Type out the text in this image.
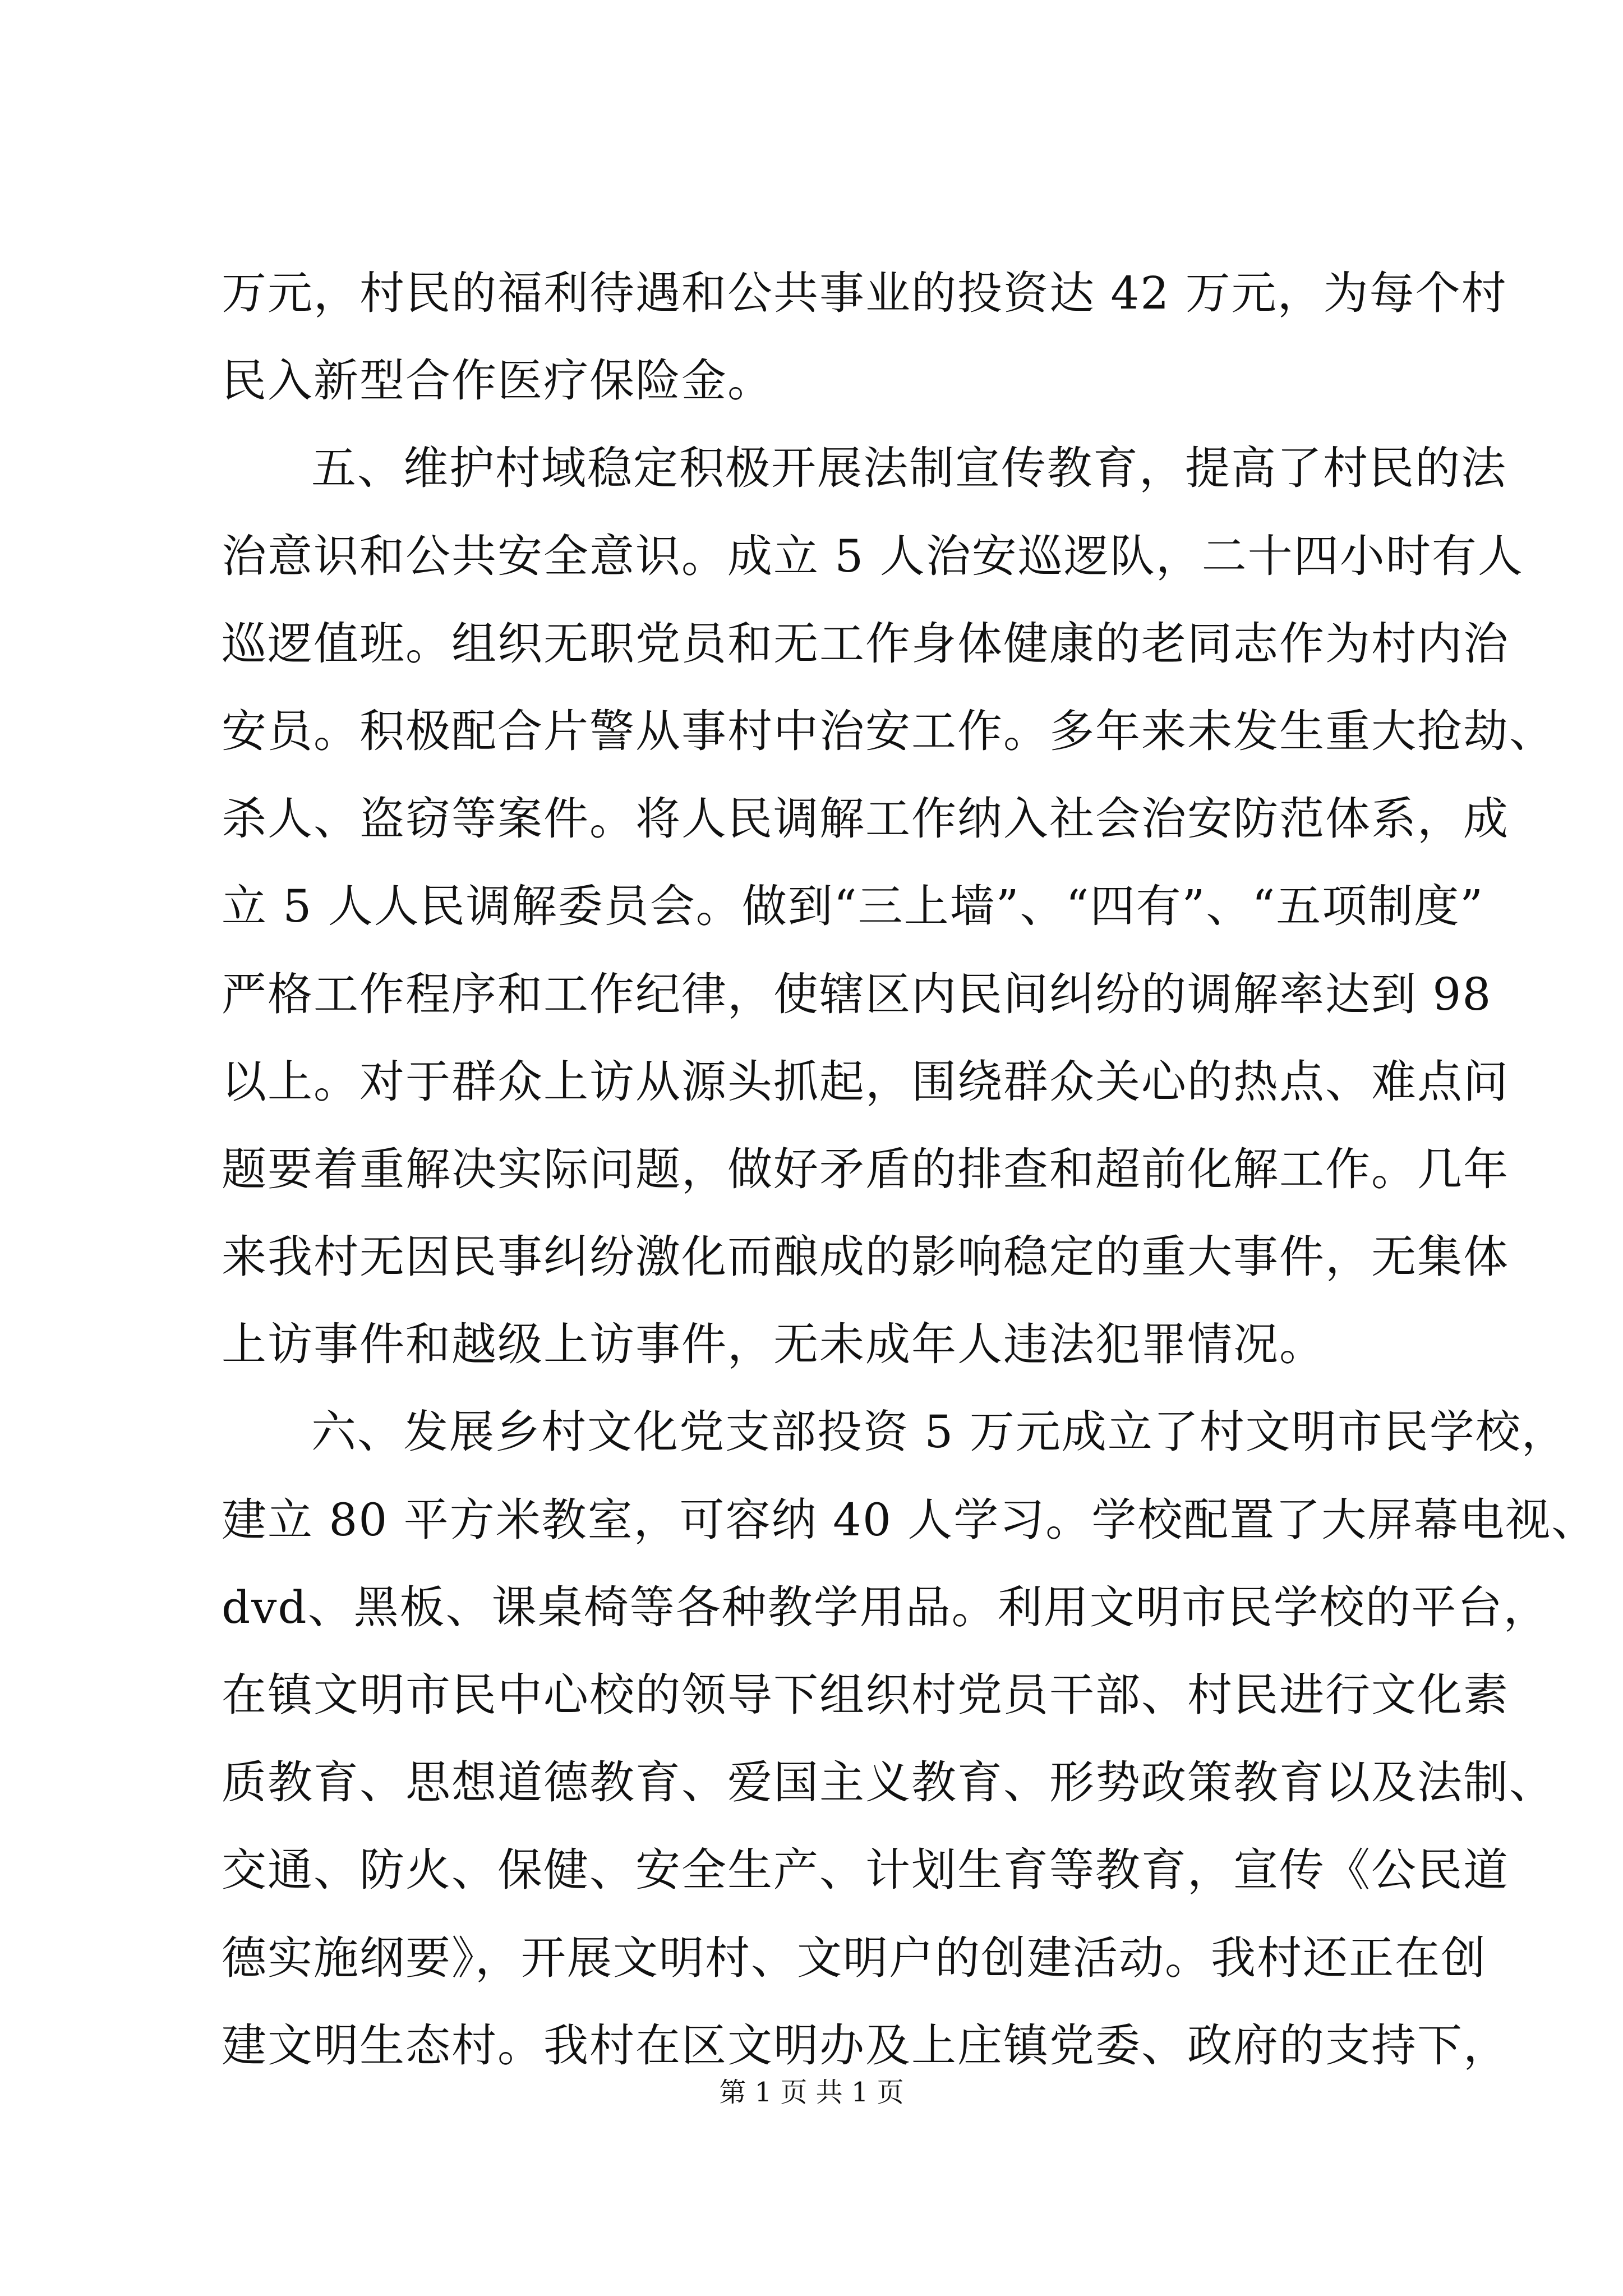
万元，村民的福利待遇和公共事业的投资达 42 万元，为每个村
民入新型合作医疗保险金。
五、维护村域稳定积极开展法制宣传教育，提高了村民的法
治意识和公共安全意识。成立 5 人治安巡逻队，二十四小时有人
巡逻值班。组织无职党员和无工作身体健康的老同志作为村内治
安员。积极配合片警从事村中治安工作。多年来未发生重大抢劫、
杀人、盗窃等案件。将人民调解工作纳入社会治安防范体系，成
立 5 人人民调解委员会。做到“三上墙”、“四有”、“五项制度”
严格工作程序和工作纪律，使辖区内民间纠纷的调解率达到 98
以上。对于群众上访从源头抓起，围绕群众关心的热点、难点问
题要着重解决实际问题，做好矛盾的排查和超前化解工作。几年
来我村无因民事纠纷激化而酿成的影响稳定的重大事件，无集体
上访事件和越级上访事件，无未成年人违法犯罪情况。
六、发展乡村文化党支部投资 5 万元成立了村文明市民学校，
建立 80 平方米教室，可容纳 40 人学习。学校配置了大屏幕电视、
dvd、黑板、课桌椅等各种教学用品。利用文明市民学校的平台，
在镇文明市民中心校的领导下组织村党员干部、村民进行文化素
质教育、思想道德教育、爱国主义教育、形势政策教育以及法制、
交通、防火、保健、安全生产、计划生育等教育，宣传《公民道
德实施纲要》，开展文明村、文明户的创建活动。我村还正在创
建文明生态村。我村在区文明办及上庄镇党委、政府的支持下，
第 1 页 共 1 页
